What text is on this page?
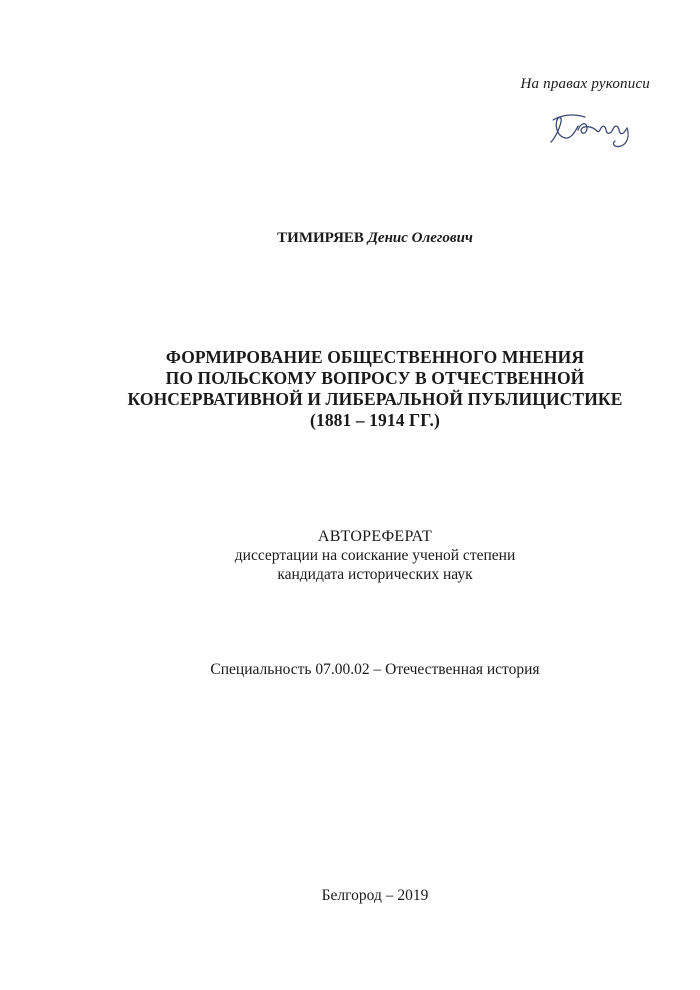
На правах рукописи
ТИМИРЯЕВ Денис Олегович
ФОРМИРОВАНИЕ ОБЩЕСТВЕННОГО МНЕНИЯ
ПО ПОЛЬСКОМУ ВОПРОСУ В ОТЧЕСТВЕННОЙ
КОНСЕРВАТИВНОЙ И ЛИБЕРАЛЬНОЙ ПУБЛИЦИСТИКЕ
(1881 – 1914 ГГ.)
АВТОРЕФЕРАТ
диссертации на соискание ученой степени
кандидата исторических наук
Специальность 07.00.02 – Отечественная история
Белгород – 2019
